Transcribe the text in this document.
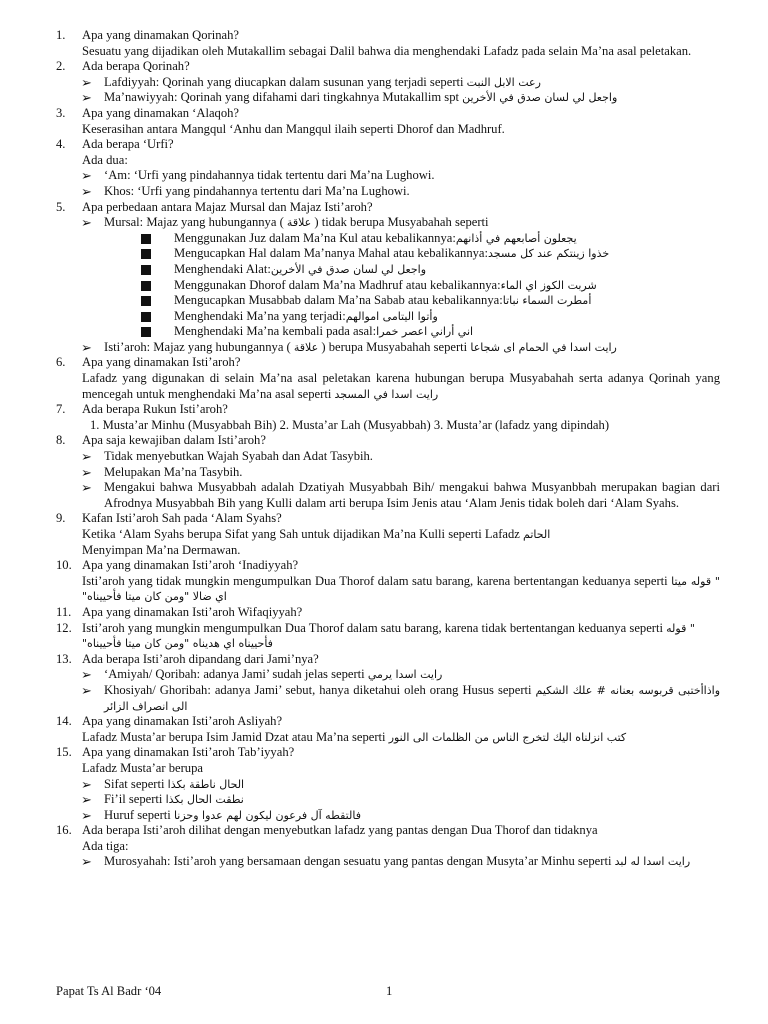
1. Apa yang dinamakan Qorinah?
Sesuatu yang dijadikan oleh Mutakallim sebagai Dalil bahwa dia menghendaki Lafadz pada selain Ma’na asal peletakan.
2. Ada berapa Qorinah?
➢ Lafdiyyah: Qorinah yang diucapkan dalam susunan yang terjadi seperti رعت الابل النبت
➢ Ma’nawiyyah: Qorinah yang difahami dari tingkahnya Mutakallim spt واجعل لي لسان صدق في الأخرين
3. Apa yang dinamakan ‘Alaqoh?
Keserasihan antara Mangqul ‘Anhu dan Mangqul ilaih seperti Dhorof dan Madhruf.
4. Ada berapa ‘Urfi?
Ada dua:
➢ ‘Am: ‘Urfi yang pindahannya tidak tertentu dari Ma’na Lughowi.
➢ Khos: ‘Urfi yang pindahannya tertentu dari Ma’na Lughowi.
5. Apa perbedaan antara Majaz Mursal dan Majaz Isti’aroh?
➢ Mursal: Majaz yang hubungannya ( علاقة ) tidak berupa Musyabahah seperti
Menggunakan Juz dalam Ma’na Kul atau kebalikannya:يجعلون أصابعهم في أذانهم
Mengucapkan Hal dalam Ma’nanya Mahal atau kebalikannya:خذوا زينتكم عند كل مسجد
Menghendaki Alat:واجعل لي لسان صدق في الأخرين
Menggunakan Dhorof dalam Ma’na Madhruf atau kebalikannya:شربت الكوز اي الماء
Mengucapkan Musabbab dalam Ma’na Sabab atau kebalikannya:أمطرت السماء نباتا
Menghendaki Ma’na yang terjadi:وأتوا اليتامى اموالهم
Menghendaki Ma’na kembali pada asal:اني أراني اعصر خمرا
➢ Isti’aroh: Majaz yang hubungannya ( علاقة ) berupa Musyabahah seperti رايت اسدا في الحمام اى شجاعا
6. Apa yang dinamakan Isti’aroh?
Lafadz yang digunakan di selain Ma’na asal peletakan karena hubungan berupa Musyabahah serta adanya Qorinah yang mencegah untuk menghendaki Ma’na asal seperti رايت اسدا في المسجد
7. Ada berapa Rukun Isti’aroh?
1. Musta’ar Minhu (Musyabbah Bih) 2. Musta’ar Lah (Musyabbah) 3. Musta’ar (lafadz yang dipindah)
8. Apa saja kewajiban dalam Isti’aroh?
➢ Tidak menyebutkan Wajah Syabah dan Adat Tasybih.
➢ Melupakan Ma’na Tasybih.
➢ Mengakui bahwa Musyabbah adalah Dzatiyah Musyabbah Bih/ mengakui bahwa Musyanbbah merupakan bagian dari Afrodnya Musyabbah Bih yang Kulli dalam arti berupa Isim Jenis atau ‘Alam Jenis tidak boleh dari ‘Alam Syahs.
9. Kafan Isti’aroh Sah pada ‘Alam Syahs?
Ketika ‘Alam Syahs berupa Sifat yang Sah untuk dijadikan Ma’na Kulli seperti Lafadz الحاتم
Menyimpan Ma’na Dermawan.
10. Apa yang dinamakan Isti’aroh ‘Inadiyyah?
Isti’aroh yang tidak mungkin mengumpulkan Dua Thorof dalam satu barang, karena bertentangan keduanya seperti " قوله ميتا اي ضالا "ومن كان ميتا فأحييناه"
11. Apa yang dinamakan Isti’aroh Wifaqiyyah?
12. Isti’aroh yang mungkin mengumpulkan Dua Thorof dalam satu barang, karena tidak bertentangan keduanya seperti " قوله فأحييناه اي هديناه "ومن كان ميتا فأحييناه"
13. Ada berapa Isti’aroh dipandang dari Jami’nya?
➢ ‘Amiyah/ Qoribah: adanya Jami’ sudah jelas seperti رايت اسدا يرمي
➢ Khosiyah/ Ghoribah: adanya Jami’ sebut, hanya diketahui oleh orang Husus seperti واذاأختبى قربوسه بعنانه # علك الشكيم الى انصراف الزائر
14. Apa yang dinamakan Isti’aroh Asliyah?
Lafadz Musta’ar berupa Isim Jamid Dzat atau Ma’na seperti كتب انزلناه اليك لتخرج الناس من الظلمات الى النور
15. Apa yang dinamakan Isti’aroh Tab’iyyah?
Lafadz Musta’ar berupa
➢ Sifat seperti الحال ناطقة بكذا
➢ Fi’il seperti نطقت الحال بكذا
➢ Huruf seperti فالتقطه آل فرعون ليكون لهم عدوا وحزنا
16. Ada berapa Isti’aroh dilihat dengan menyebutkan lafadz yang pantas dengan Dua Thorof dan tidaknya
Ada tiga:
➢ Murosyahah: Isti’aroh yang bersamaan dengan sesuatu yang pantas dengan Musyta’ar Minhu seperti رايت اسدا له لبد
Papat Ts Al Badr ‘04	1
